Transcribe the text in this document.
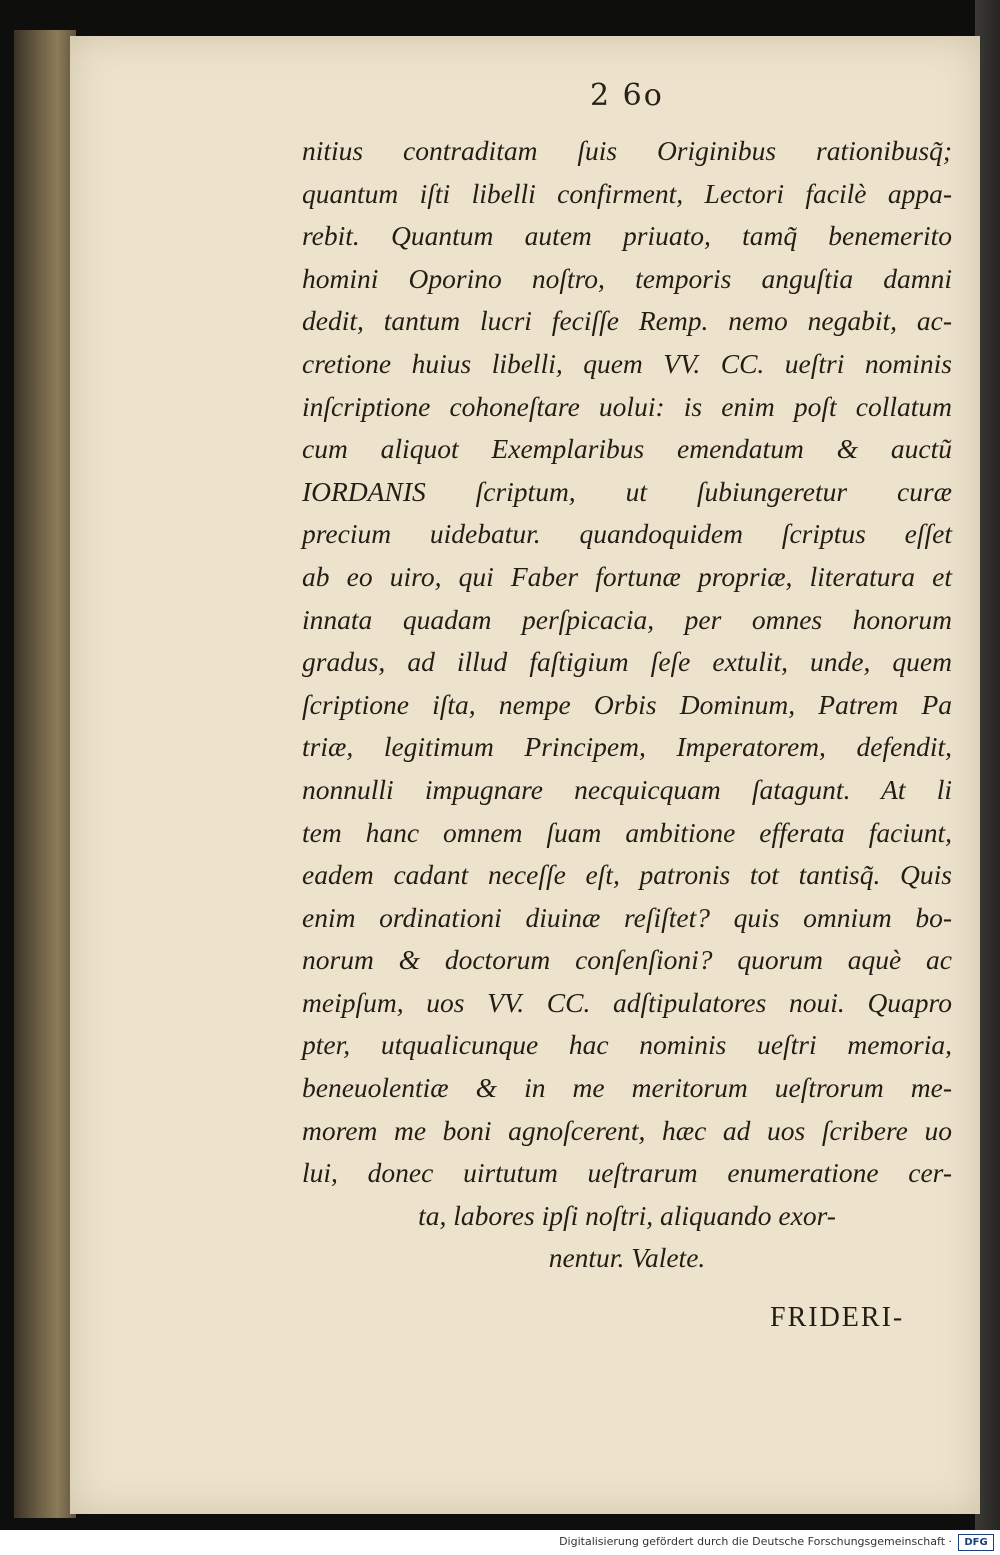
2 6o
nitius contraditam ſuis Originibus rationibusq̃;
quantum iſti libelli confirment, Lectori facilè appa-
rebit. Quantum autem priuato, tamq̃ benemerito
homini Oporino noſtro, temporis anguſtia damni
dedit, tantum lucri feciſſe Remp. nemo negabit, ac-
cretione huius libelli, quem VV. CC. ueſtri nominis
inſcriptione cohoneſtare uolui: is enim poſt collatum
cum aliquot Exemplaribus emendatum & auctũ
IORDANIS ſcriptum, ut ſubiungeretur curæ
precium uidebatur. quandoquidem ſcriptus eſſet
ab eo uiro, qui Faber fortunæ propriæ, literatura et
innata quadam perſpicacia, per omnes honorum
gradus, ad illud faſtigium ſeſe extulit, unde, quem
ſcriptione iſta, nempe Orbis Dominum, Patrem Pa
triæ, legitimum Principem, Imperatorem, defendit,
nonnulli impugnare necquicquam ſatagunt. At li
tem hanc omnem ſuam ambitione efferata faciunt,
eadem cadant neceſſe eſt, patronis tot tantisq̃. Quis
enim ordinationi diuinæ reſiſtet? quis omnium bo-
norum & doctorum conſenſioni? quorum aquè ac
meipſum, uos VV. CC. adſtipulatores noui. Quapro
pter, utqualicunque hac nominis ueſtri memoria,
beneuolentiæ & in me meritorum ueſtrorum me-
morem me boni agnoſcerent, hæc ad uos ſcribere uo
lui, donec uirtutum ueſtrarum enumeratione cer-
ta, labores ipſi noſtri, aliquando exor-
nentur. Valete.
FRIDERI-
Digitalisierung gefördert durch die Deutsche Forschungsgemeinschaft ·	DFG
